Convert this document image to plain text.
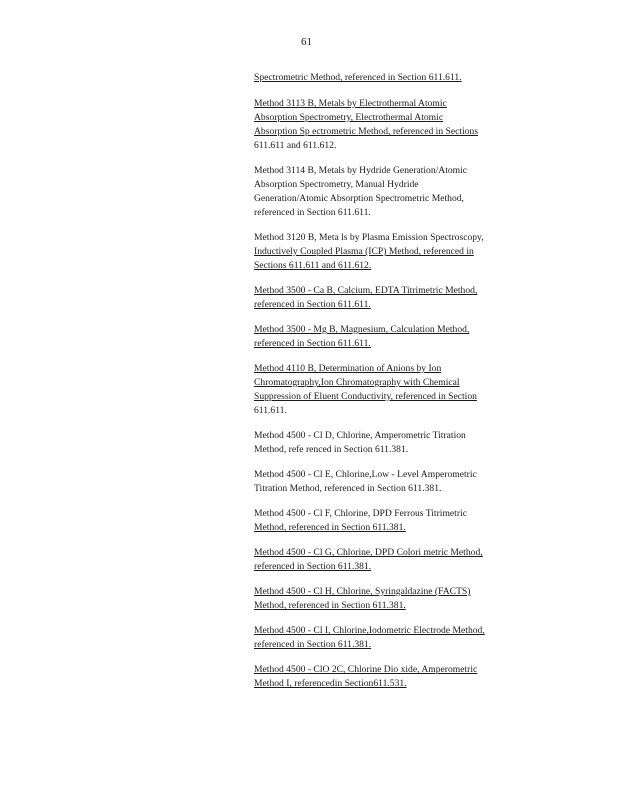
61
Spectrometric Method, referenced in Section 611.611.
Method 3113 B, Metals by Electrothermal Atomic
Absorption Spectrometry, Electrothermal Atomic
Absorption Sp ectrometric Method, referenced in Sections
611.611 and 611.612.
Method 3114 B, Metals by Hydride Generation/Atomic
Absorption Spectrometry, Manual Hydride
Generation/Atomic Absorption Spectrometric Method,
referenced in Section 611.611.
Method 3120 B, Meta ls by Plasma Emission Spectroscopy,
Inductively Coupled Plasma (ICP) Method, referenced in
Sections 611.611 and 611.612.
Method 3500 - Ca B, Calcium, EDTA Titrimetric Method,
referenced in Section 611.611.
Method 3500 - Mg B, Magnesium, Calculation Method,
referenced in Section 611.611.
Method 4110 B, Determination of Anions by Ion
Chromatography,Ion Chromatography with Chemical
Suppression of Eluent Conductivity, referenced in Section
611.611.
Method 4500 - Cl D, Chlorine, Amperometric Titration
Method, refe renced in Section 611.381.
Method 4500 - Cl E, Chlorine,Low - Level Amperometric
Titration Method, referenced in Section 611.381.
Method 4500 - Cl F, Chlorine, DPD Ferrous Titrimetric
Method, referenced in Section 611.381.
Method 4500 - Cl G, Chlorine, DPD Colori metric Method,
referenced in Section 611.381.
Method 4500 - Cl H, Chlorine, Syringaldazine (FACTS)
Method, referenced in Section 611.381.
Method 4500 - Cl I, Chlorine,Iodometric Electrode Method,
referenced in Section 611.381.
Method 4500 - ClO 2C, Chlorine Dio xide, Amperometric
Method I, referencedin Section611.531.
